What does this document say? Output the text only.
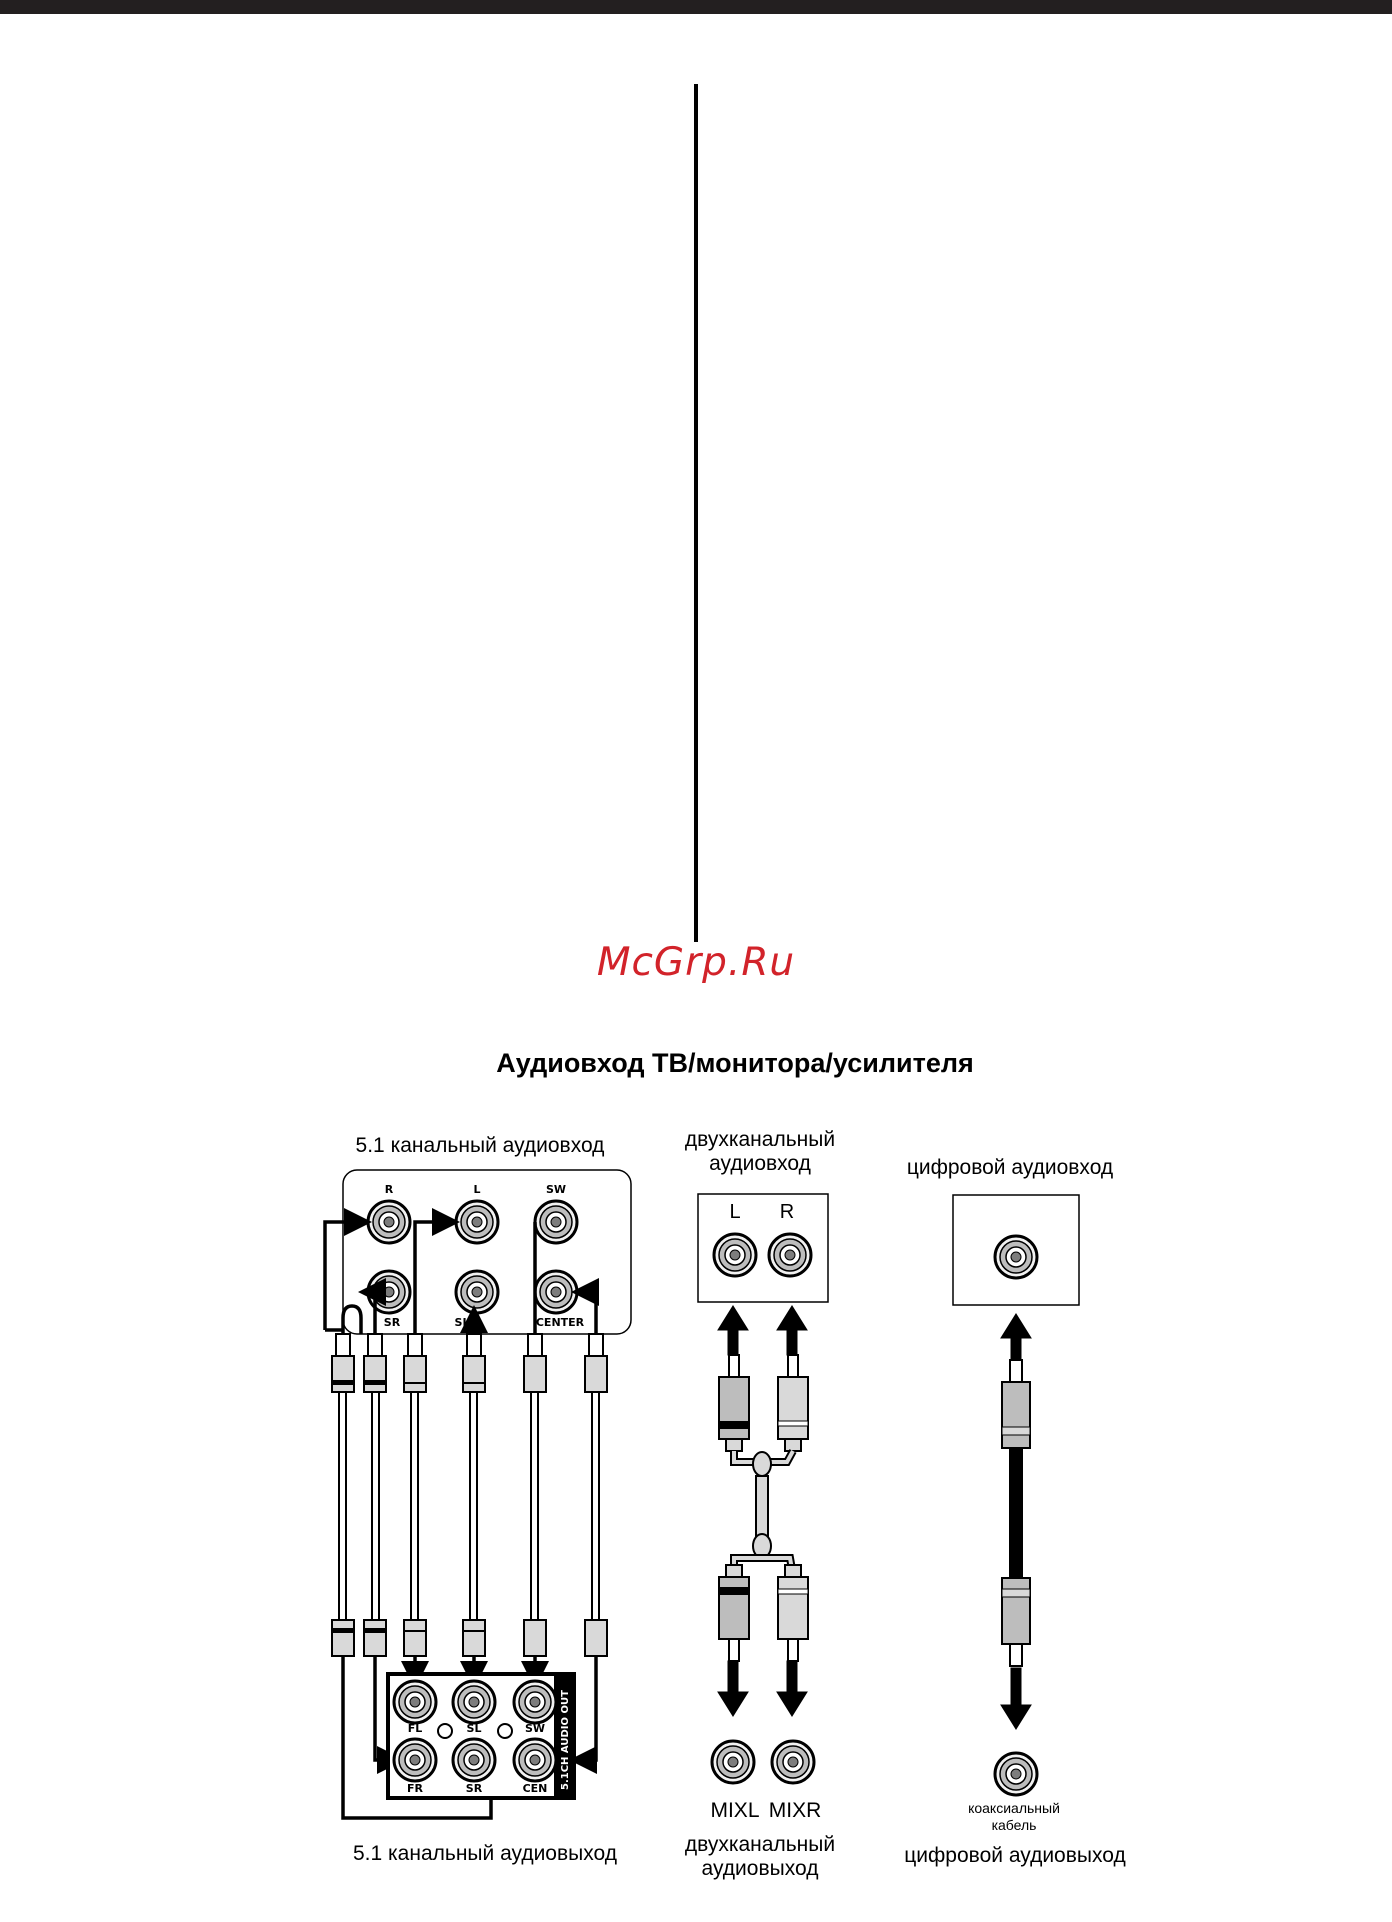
McGrp.Ru
Аудиовход ТВ/монитора/усилителя
5.1 канальный аудиовход
5.1 канальный аудиовыход
двухканальный
аудиовход
двухканальный
аудиовыход
цифровой аудиовход
коаксиальный
кабель
цифровой аудиовыход
R	L	SW
SR	SL	CENTER
5.1CH AUDIO OUT
FL	SL	SW
FR	SR	CEN
L R
MIXL MIXR
